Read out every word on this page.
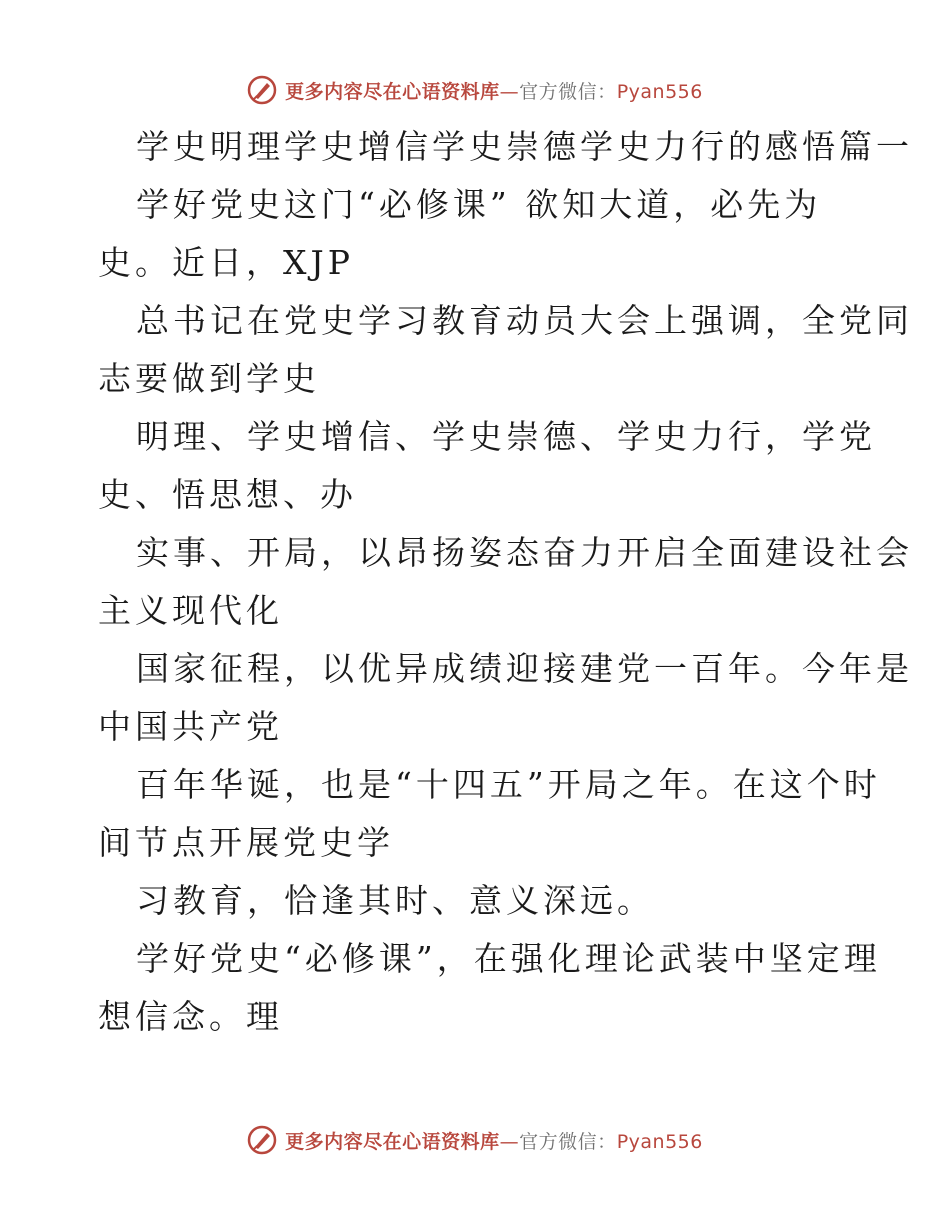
更多内容尽在心语资料库—官方微信：Pyan556
学史明理学史增信学史崇德学史力行的感悟篇一
学好党史这门“必修课” 欲知大道，必先为
史。近日，XJP
总书记在党史学习教育动员大会上强调，全党同
志要做到学史
明理、学史增信、学史崇德、学史力行，学党
史、悟思想、办
实事、开局，以昂扬姿态奋力开启全面建设社会
主义现代化
国家征程，以优异成绩迎接建党一百年。今年是
中国共产党
百年华诞，也是“十四五”开局之年。在这个时
间节点开展党史学
习教育，恰逢其时、意义深远。
学好党史“必修课”，在强化理论武装中坚定理
想信念。理
更多内容尽在心语资料库—官方微信：Pyan556
